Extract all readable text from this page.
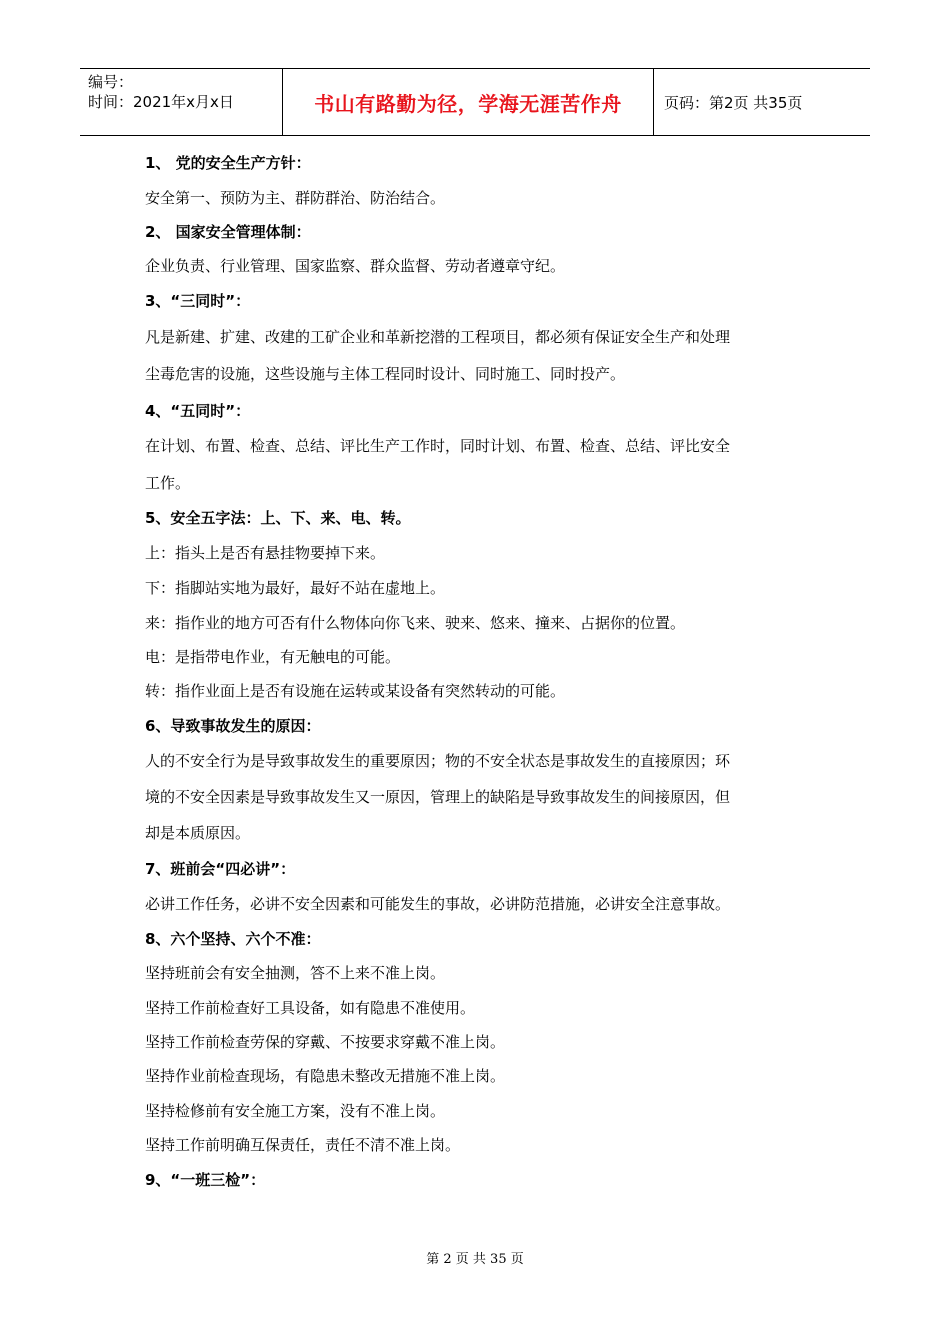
编号：
时间：2021年x月x日	书山有路勤为径，学海无涯苦作舟	页码：第2页 共35页
1、 党的安全生产方针：
安全第一、预防为主、群防群治、防治结合。
2、 国家安全管理体制：
企业负责、行业管理、国家监察、群众监督、劳动者遵章守纪。
3、“三同时”：
凡是新建、扩建、改建的工矿企业和革新挖潜的工程项目，都必须有保证安全生产和处理
尘毒危害的设施，这些设施与主体工程同时设计、同时施工、同时投产。
4、“五同时”：
在计划、布置、检查、总结、评比生产工作时，同时计划、布置、检查、总结、评比安全
工作。
5、安全五字法：上、下、来、电、转。
上：指头上是否有悬挂物要掉下来。
下：指脚站实地为最好，最好不站在虚地上。
来：指作业的地方可否有什么物体向你飞来、驶来、悠来、撞来、占据你的位置。
电：是指带电作业，有无触电的可能。
转：指作业面上是否有设施在运转或某设备有突然转动的可能。
6、导致事故发生的原因：
人的不安全行为是导致事故发生的重要原因；物的不安全状态是事故发生的直接原因；环
境的不安全因素是导致事故发生又一原因，管理上的缺陷是导致事故发生的间接原因，但
却是本质原因。
7、班前会“四必讲”：
必讲工作任务，必讲不安全因素和可能发生的事故，必讲防范措施，必讲安全注意事故。
8、六个坚持、六个不准：
坚持班前会有安全抽测，答不上来不准上岗。
坚持工作前检查好工具设备，如有隐患不准使用。
坚持工作前检查劳保的穿戴、不按要求穿戴不准上岗。
坚持作业前检查现场，有隐患未整改无措施不准上岗。
坚持检修前有安全施工方案，没有不准上岗。
坚持工作前明确互保责任，责任不清不准上岗。
9、“一班三检”：
第 2 页 共 35 页
